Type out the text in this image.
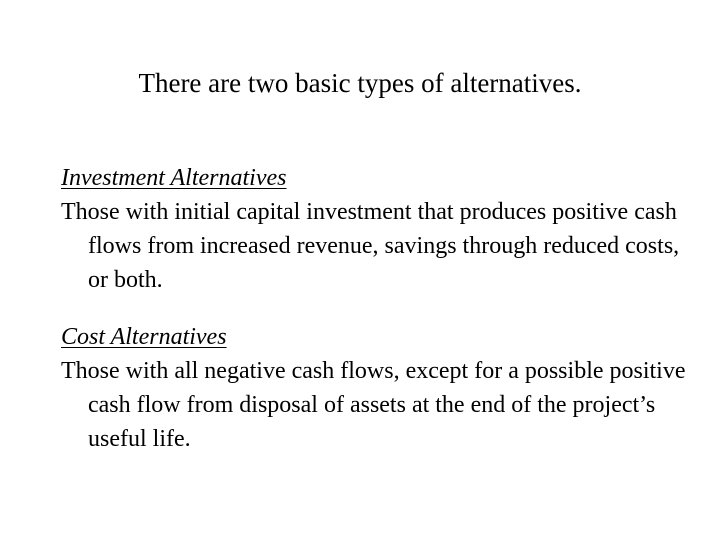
There are two basic types of alternatives.
Investment Alternatives

Those with initial capital investment that produces positive cash flows from increased revenue, savings through reduced costs, or both.

Cost Alternatives

Those with all negative cash flows, except for a possible positive cash flow from disposal of assets at the end of the project’s useful life.
